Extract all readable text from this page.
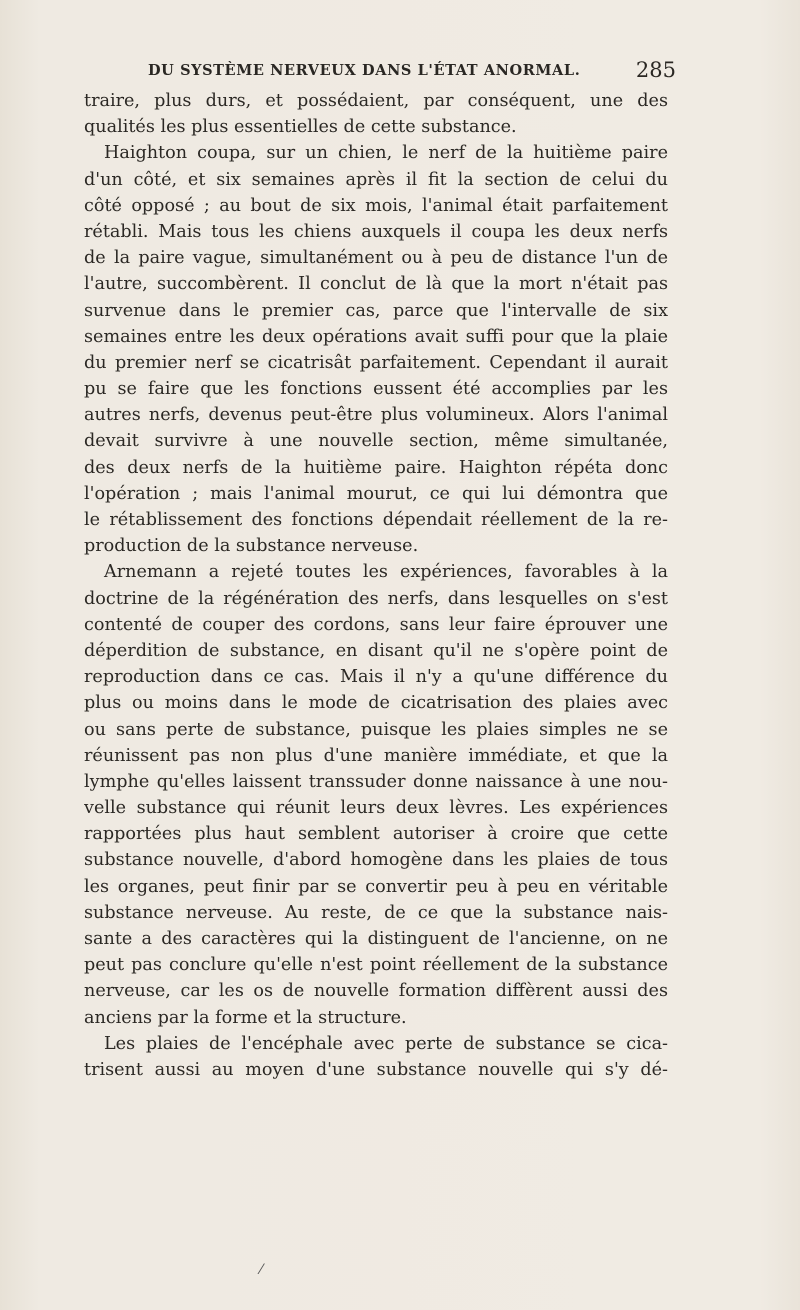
DU SYSTÈME NERVEUX DANS L'ÉTAT ANORMAL.	285
traire, plus durs, et possédaient, par conséquent, une des
qualités les plus essentielles de cette substance.
Haighton coupa, sur un chien, le nerf de la huitième paire
d'un côté, et six semaines après il fit la section de celui du
côté opposé ; au bout de six mois, l'animal était parfaitement
rétabli. Mais tous les chiens auxquels il coupa les deux nerfs
de la paire vague, simultanément ou à peu de distance l'un de
l'autre, succombèrent. Il conclut de là que la mort n'était pas
survenue dans le premier cas, parce que l'intervalle de six
semaines entre les deux opérations avait suffi pour que la plaie
du premier nerf se cicatrisât parfaitement. Cependant il aurait
pu se faire que les fonctions eussent été accomplies par les
autres nerfs, devenus peut-être plus volumineux. Alors l'animal
devait survivre à une nouvelle section, même simultanée,
des deux nerfs de la huitième paire. Haighton répéta donc
l'opération ; mais l'animal mourut, ce qui lui démontra que
le rétablissement des fonctions dépendait réellement de la re-
production de la substance nerveuse.
Arnemann a rejeté toutes les expériences, favorables à la
doctrine de la régénération des nerfs, dans lesquelles on s'est
contenté de couper des cordons, sans leur faire éprouver une
déperdition de substance, en disant qu'il ne s'opère point de
reproduction dans ce cas. Mais il n'y a qu'une différence du
plus ou moins dans le mode de cicatrisation des plaies avec
ou sans perte de substance, puisque les plaies simples ne se
réunissent pas non plus d'une manière immédiate, et que la
lymphe qu'elles laissent transsuder donne naissance à une nou-
velle substance qui réunit leurs deux lèvres. Les expériences
rapportées plus haut semblent autoriser à croire que cette
substance nouvelle, d'abord homogène dans les plaies de tous
les organes, peut finir par se convertir peu à peu en véritable
substance nerveuse. Au reste, de ce que la substance nais-
sante a des caractères qui la distinguent de l'ancienne, on ne
peut pas conclure qu'elle n'est point réellement de la substance
nerveuse, car les os de nouvelle formation diffèrent aussi des
anciens par la forme et la structure.
Les plaies de l'encéphale avec perte de substance se cica-
trisent aussi au moyen d'une substance nouvelle qui s'y dé-
⁄
